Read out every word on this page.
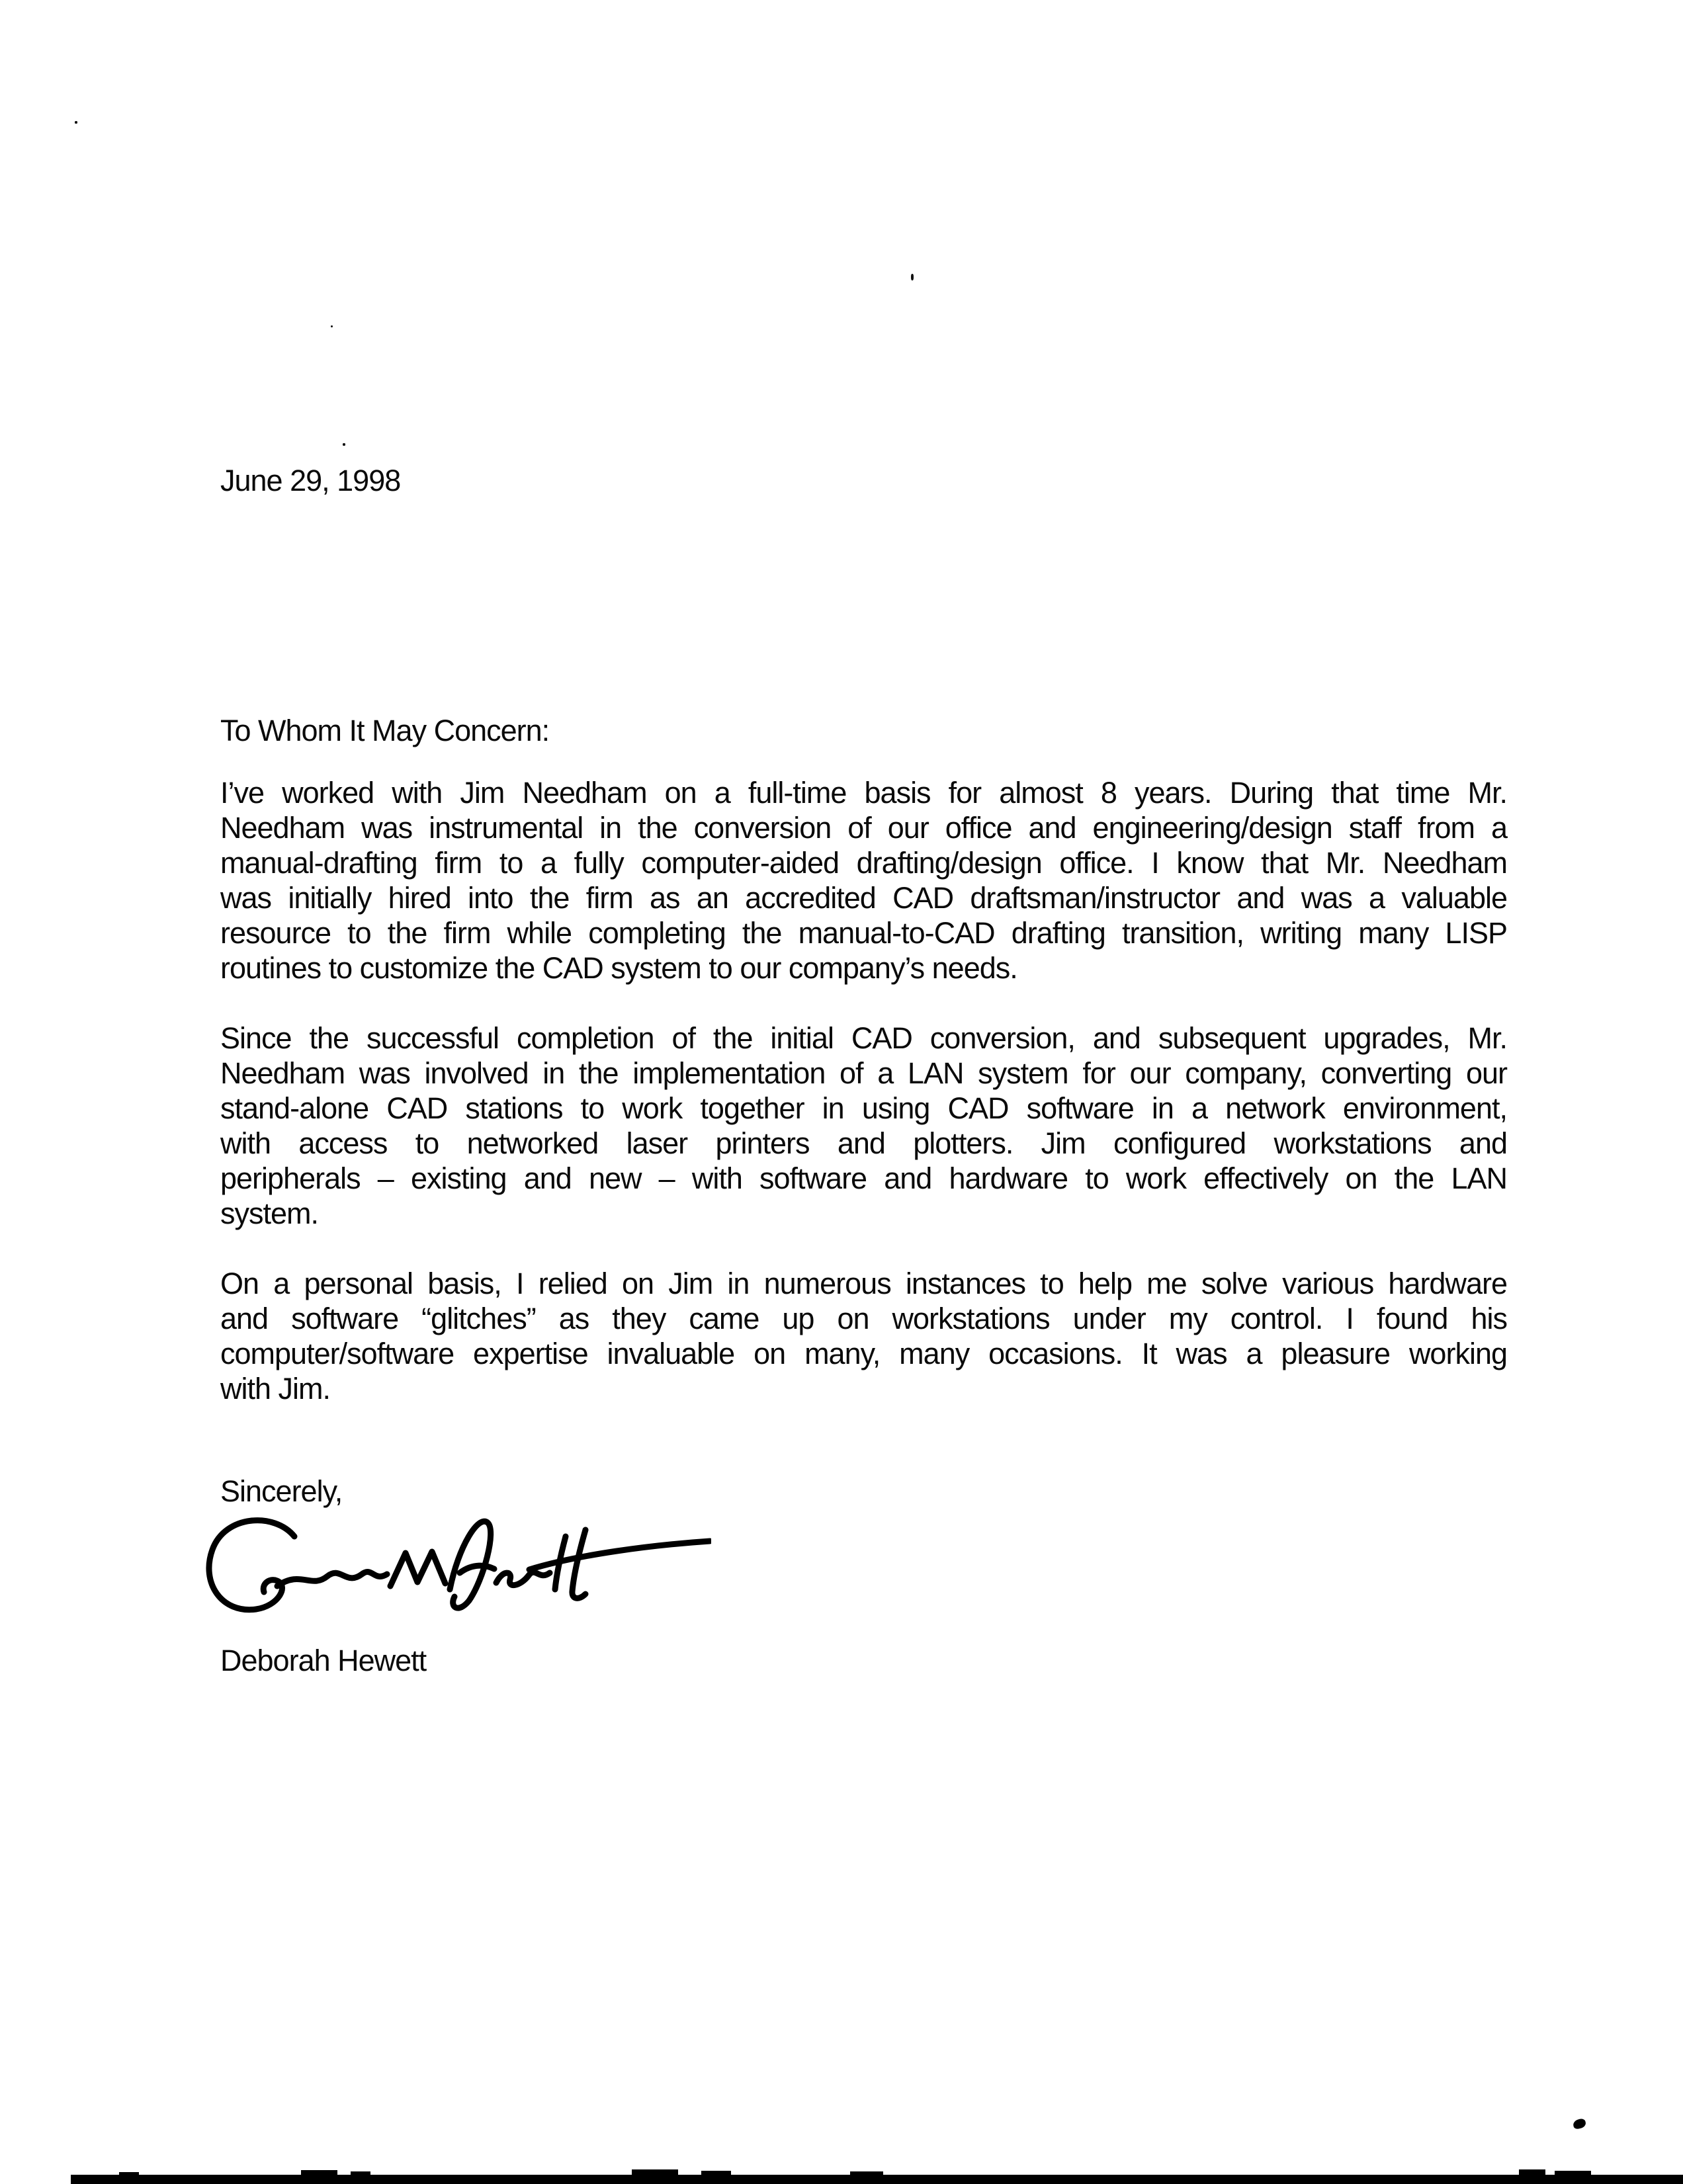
June 29, 1998
To Whom It May Concern:
I’ve worked with Jim Needham on a full-time basis for almost 8 years. During that time Mr.
Needham was instrumental in the conversion of our office and engineering/design staff from a
manual-drafting firm to a fully computer-aided drafting/design office. I know that Mr. Needham
was initially hired into the firm as an accredited CAD draftsman/instructor and was a valuable
resource to the firm while completing the manual-to-CAD drafting transition, writing many LISP
routines to customize the CAD system to our company’s needs.
Since the successful completion of the initial CAD conversion, and subsequent upgrades, Mr.
Needham was involved in the implementation of a LAN system for our company, converting our
stand-alone CAD stations to work together in using CAD software in a network environment,
with access to networked laser printers and plotters. Jim configured workstations and
peripherals – existing and new – with software and hardware to work effectively on the LAN
system.
On a personal basis, I relied on Jim in numerous instances to help me solve various hardware
and software “glitches” as they came up on workstations under my control. I found his
computer/software expertise invaluable on many, many occasions. It was a pleasure working
with Jim.
Sincerely,
Deborah Hewett
